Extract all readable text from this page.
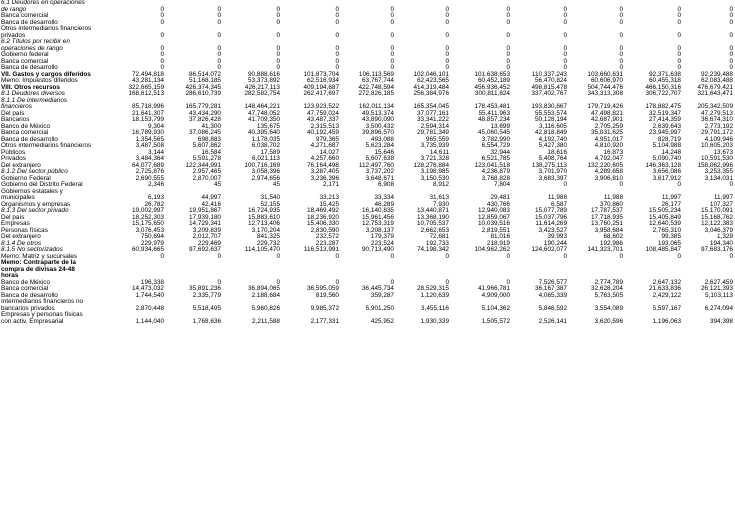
6.1 Deudores en operaciones											
de rango	0	0	0	0	0	0	0	0	0	0	0
Banca comercial	0	0	0	0	0	0	0	0	0	0	0
Banca de desarrollo	0	0	0	0	0	0	0	0	0	0	0
Otros intermediarios financieros											
privados	0	0	0	0	0	0	0	0	0	0	0
6.2 Títulos por recibir en											
operaciones de rango	0	0	0	0	0	0	0	0	0	0	0
Gobierno federal	0	0	0	0	0	0	0	0	0	0	0
Banca comercial	0	0	0	0	0	0	0	0	0	0	0
Banca de desarrollo	0	0	0	0	0	0	0	0	0	0	0
VII. Gastos y cargos diferidos	72,494,818	86,514,072	90,888,616	101,873,704	106,113,569	102,046,101	101,638,653	110,337,243	103,660,631	92,371,638	92,239,488
Memo: Impuestos diferidos	43,281,134	51,168,185	53,373,892	62,516,934	63,767,744	62,423,565	60,452,189	56,470,824	60,606,970	60,455,318	62,083,488
VIII. Otros recursos	322,665,159	426,374,345	426,217,113	409,194,687	422,748,594	414,319,484	456,936,452	498,815,478	504,744,476	466,150,316	476,679,421
8.1 Deudores diversos	168,612,513	286,610,739	282,582,754	262,417,697	272,826,185	256,384,976	300,811,624	337,402,767	343,313,308	306,722,707	321,643,471
8.1.1 De intermediarios											
financieros	85,718,996	165,779,281	148,464,221	123,923,522	162,011,134	165,354,045	178,453,481	193,830,667	179,719,426	178,882,475	205,342,509
Del país	21,641,307	43,434,290	47,748,052	47,759,024	49,513,374	37,077,161	55,411,963	55,553,574	47,498,821	32,519,347	47,279,513
Bancarios	18,153,799	37,826,428	41,709,350	43,487,337	43,890,090	33,341,222	48,857,234	50,128,194	42,687,901	27,414,359	36,674,310
Banco de México	9,304	41,300	135,675	2,315,513	3,500,432	2,594,314	13,699	3,116,605	2,705,259	2,639,643	2,773,192
Banca comercial	16,789,930	37,086,245	40,395,640	40,192,459	39,896,570	29,781,349	45,060,545	42,818,849	35,031,625	23,945,997	29,791,172
Banca de desarrollo	1,354,565	698,883	1,178,035	979,365	493,088	965,559	3,782,990	4,192,740	4,951,017	828,719	4,109,946
Otros intermediarios financieros	3,487,508	5,607,862	6,038,702	4,271,687	5,623,284	3,735,939	6,554,729	5,427,380	4,810,920	5,104,988	10,605,203
Públicos	3,144	16,584	17,589	14,027	15,646	14,611	32,944	18,616	16,873	14,248	13,673
Privados	3,484,364	5,591,278	6,021,113	4,257,660	5,607,638	3,721,328	6,521,785	5,408,764	4,792,047	5,090,740	10,591,530
Del extranjero	64,077,689	122,344,991	100,716,169	76,164,498	112,497,760	128,276,884	123,041,518	138,275,113	132,220,605	146,363,128	158,062,996
8.1.2 Del sector público	2,725,876	2,957,465	3,058,396	3,287,405	3,737,202	3,198,985	4,236,879	3,701,970	4,289,658	3,656,086	3,253,355
Gobierno Federal	2,690,555	2,870,007	2,974,656	3,236,396	3,648,671	3,150,530	3,768,828	3,683,397	3,906,810	3,617,912	3,134,031
Gobierno del Distrito Federal	2,346	45	45	2,171	6,908	8,912	7,804	0	0	0	0
Gobiernos estatales y											
municipales	6,193	44,997	31,540	33,213	33,334	31,613	29,481	11,986	11,988	11,997	11,997
Organismos y empresas	26,782	42,416	52,155	15,425	46,289	7,930	430,766	6,587	370,860	26,177	107,327
8.1.3 Del sector privado	19,002,997	19,951,867	16,724,935	18,469,492	16,140,835	13,440,871	12,940,083	15,077,789	17,787,537	15,505,234	15,170,091
Del país	18,252,303	17,939,180	15,883,610	18,236,920	15,961,456	13,368,190	12,859,067	15,037,796	17,718,935	15,405,849	15,168,762
Empresas	15,175,650	14,729,341	12,713,406	15,406,330	12,753,319	10,705,537	10,039,516	11,614,269	13,760,251	12,640,539	12,122,383
Personas físicas	3,076,453	3,209,839	3,170,204	2,830,590	3,208,137	2,662,653	2,819,551	3,423,527	3,958,684	2,765,310	3,046,379
Del extranjero	750,694	2,012,707	841,325	232,572	179,379	72,681	81,016	39,993	68,602	99,385	1,329
8.1.4 De otros	229,979	229,469	229,732	223,287	223,524	192,733	218,919	190,244	192,986	193,065	194,340
8.1.5 No sectorizados	60,934,665	97,692,637	114,105,470	116,513,991	90,713,490	74,198,342	104,962,262	124,602,077	141,323,701	108,485,847	97,683,176
Memo: Matriz y sucursales	0	0	0	0	0	0	0	0	0	0	0
Memo: Contraparte de la											
compra de divisas 24-48											
horas											
Banco de México	196,338	0	0	0	0	0	0	7,526,577	2,774,789	2,647,132	2,627,459
Banca comercial	14,473,032	35,891,236	36,894,065	36,595,059	36,445,734	28,529,315	41,966,781	36,167,387	32,628,204	21,633,836	26,121,393
Banca de desarrollo	1,744,540	2,335,779	2,188,684	819,560	359,287	1,120,639	4,909,000	4,065,339	5,763,505	2,429,122	5,103,113
Intermediarios financieros no											
bancarios privados	2,870,448	5,518,495	5,960,826	9,985,372	5,901,250	3,455,116	5,104,362	5,846,592	3,554,089	5,597,167	6,274,094
Empresas y personas físicas											
con activ. Empresarial	1,144,040	1,768,636	2,211,588	2,177,331	425,952	1,930,339	1,505,572	2,526,141	3,620,596	1,196,063	394,398
